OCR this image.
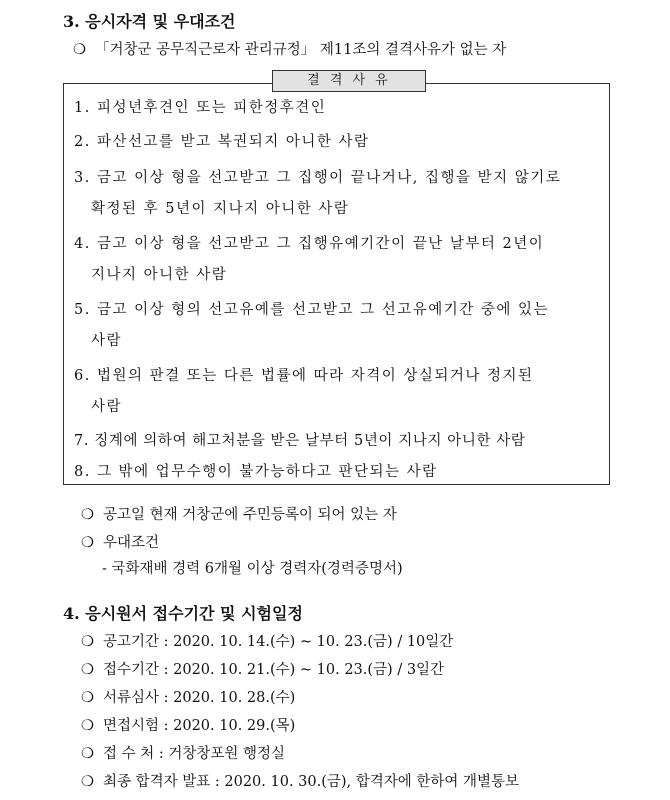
3. 응시자격 및 우대조건
❍ 「거창군 공무직근로자 관리규정」 제11조의 결격사유가 없는 자
결 격 사 유
1. 피성년후견인 또는 피한정후견인
2. 파산선고를 받고 복권되지 아니한 사람
3. 금고 이상 형을 선고받고 그 집행이 끝나거나, 집행을 받지 않기로
확정된 후 5년이 지나지 아니한 사람
4. 금고 이상 형을 선고받고 그 집행유예기간이 끝난 날부터 2년이
지나지 아니한 사람
5. 금고 이상 형의 선고유예를 선고받고 그 선고유예기간 중에 있는
사람
6. 법원의 판결 또는 다른 법률에 따라 자격이 상실되거나 정지된
사람
7. 징계에 의하여 해고처분을 받은 날부터 5년이 지나지 아니한 사람
8. 그 밖에 업무수행이 불가능하다고 판단되는 사람
❍ 공고일 현재 거창군에 주민등록이 되어 있는 자
❍ 우대조건
- 국화재배 경력 6개월 이상 경력자(경력증명서)
4. 응시원서 접수기간 및 시험일정
❍ 공고기간 : 2020. 10. 14.(수) ~ 10. 23.(금) / 10일간
❍ 접수기간 : 2020. 10. 21.(수) ~ 10. 23.(금) / 3일간
❍ 서류심사 : 2020. 10. 28.(수)
❍ 면접시험 : 2020. 10. 29.(목)
❍ 접 수 처 : 거창창포원 행정실
❍ 최종 합격자 발표 : 2020. 10. 30.(금), 합격자에 한하여 개별통보
